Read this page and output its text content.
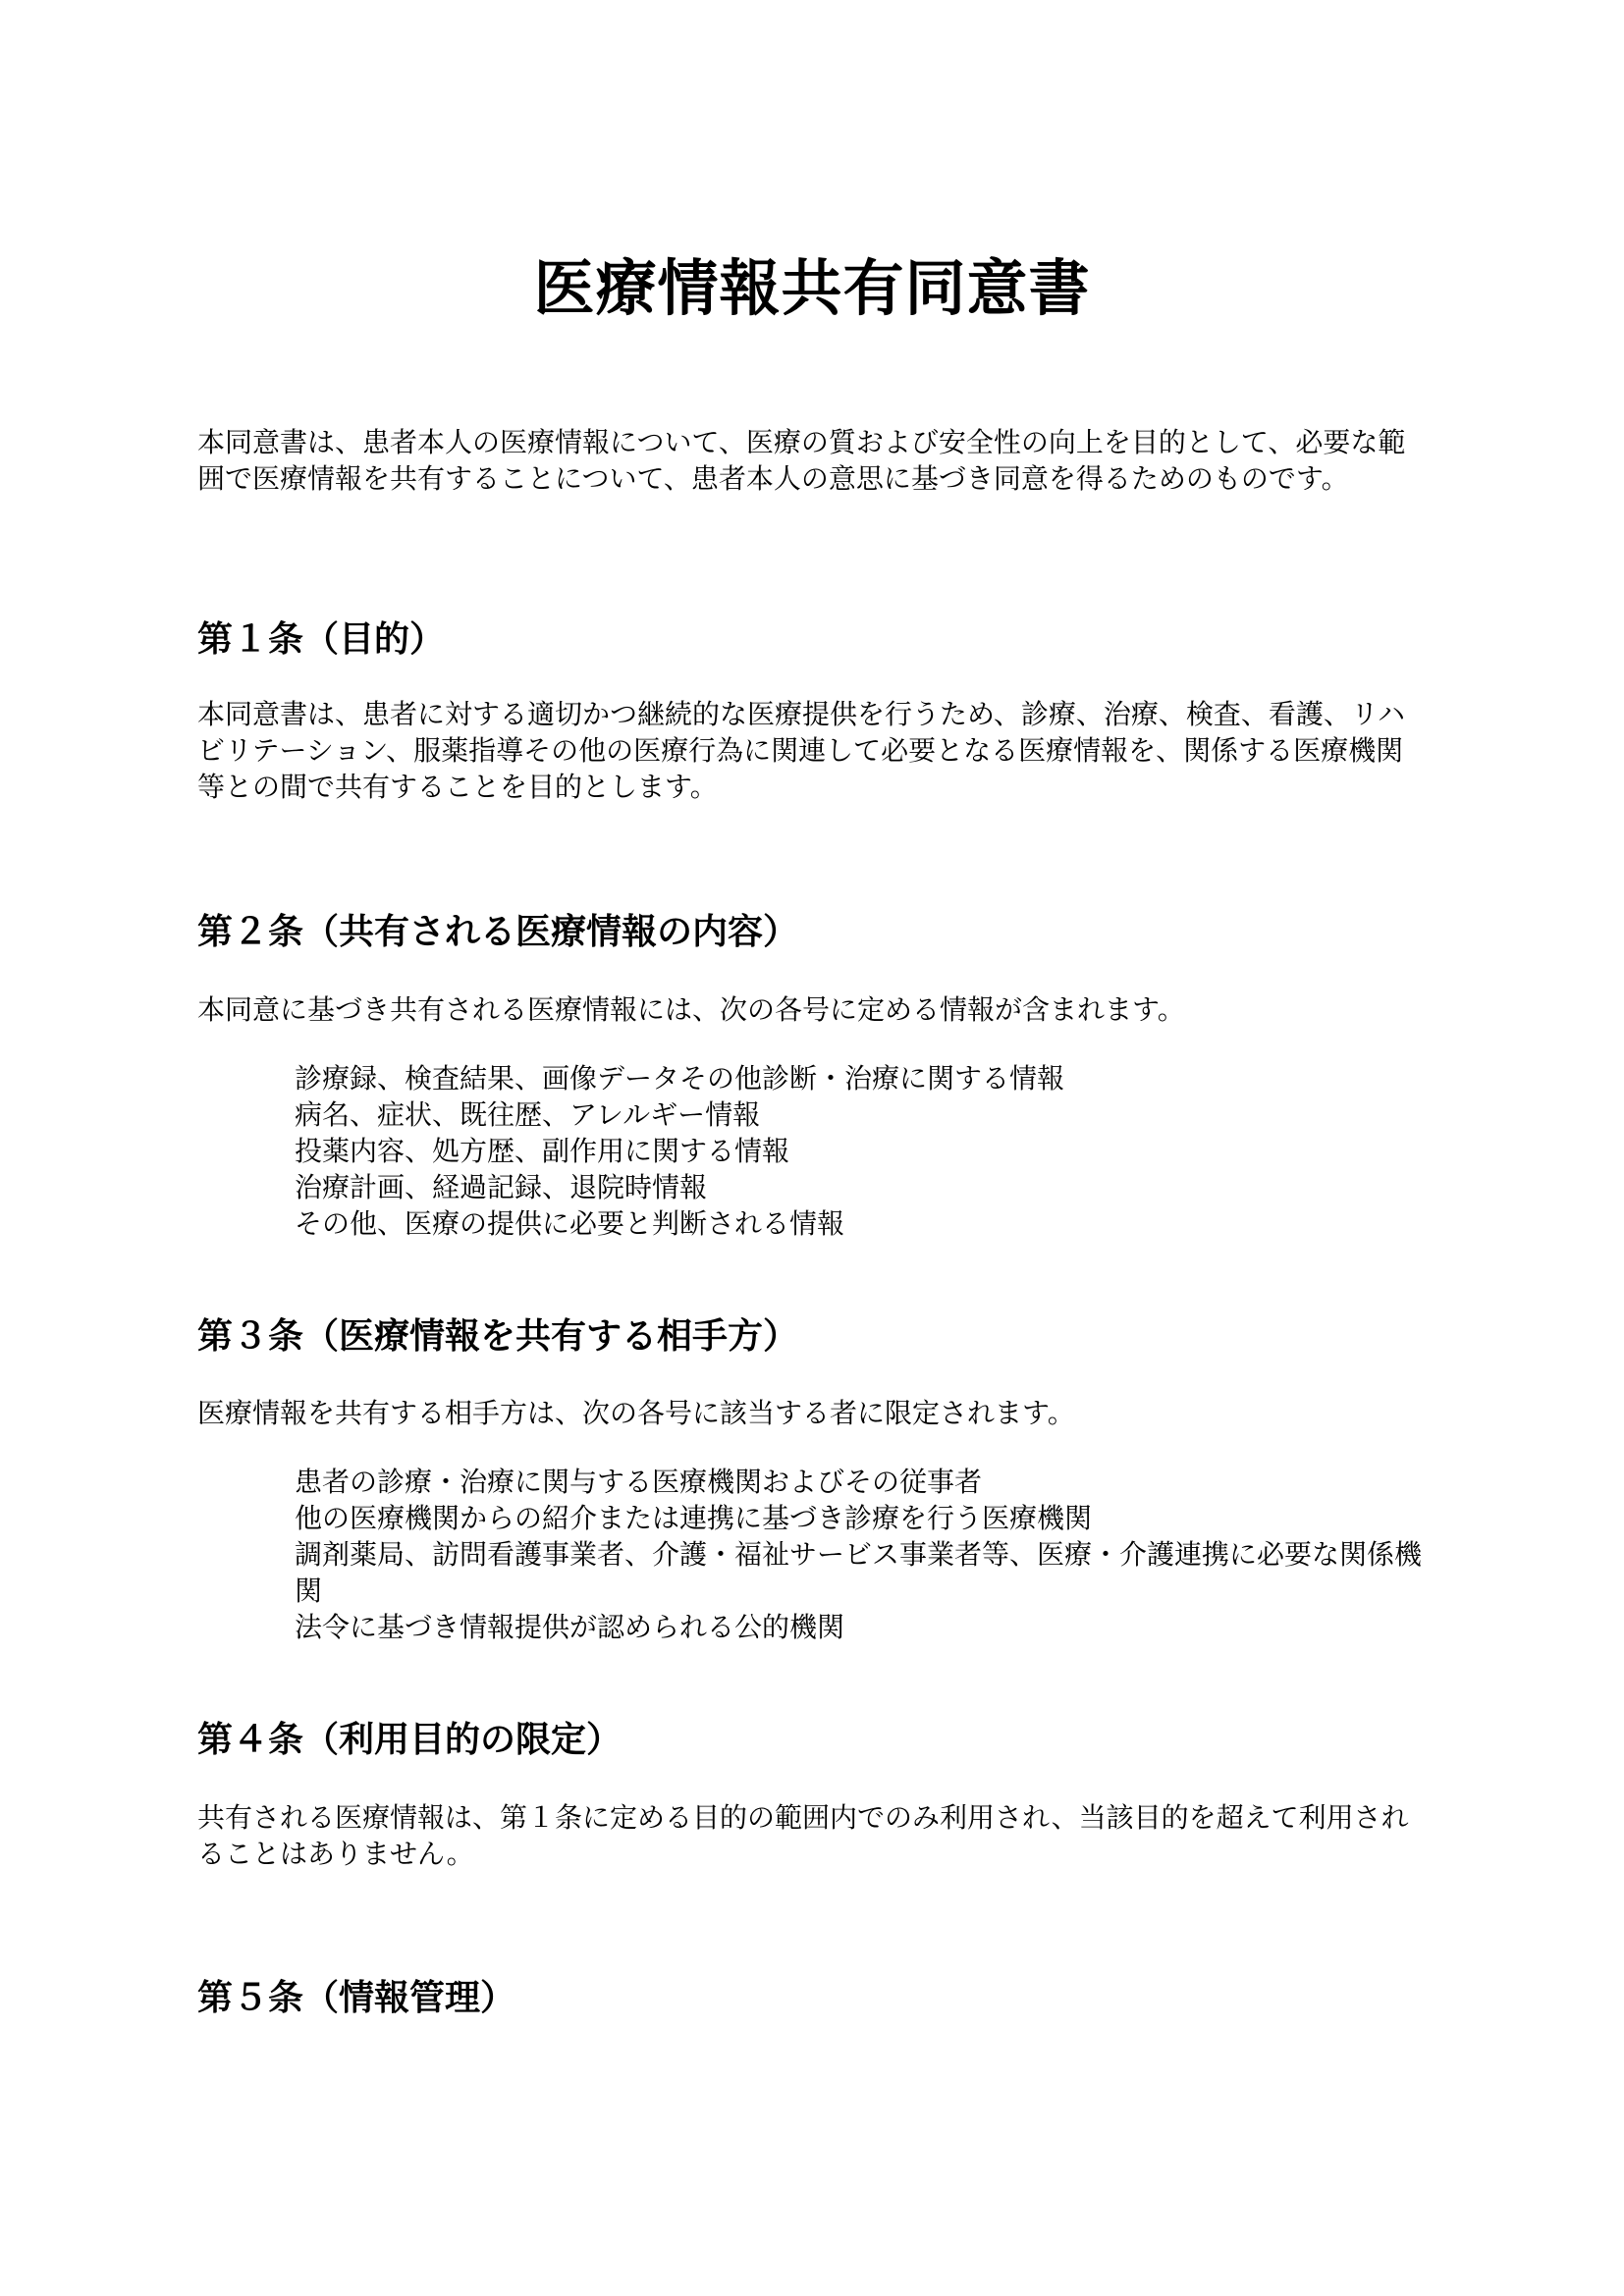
医療情報共有同意書

本同意書は、患者本人の医療情報について、医療の質および安全性の向上を目的として、必要な範囲で医療情報を共有することについて、患者本人の意思に基づき同意を得るためのものです。

第１条（目的）

本同意書は、患者に対する適切かつ継続的な医療提供を行うため、診療、治療、検査、看護、リハビリテーション、服薬指導その他の医療行為に関連して必要となる医療情報を、関係する医療機関等との間で共有することを目的とします。

第２条（共有される医療情報の内容）

本同意に基づき共有される医療情報には、次の各号に定める情報が含まれます。

診療録、検査結果、画像データその他診断・治療に関する情報
病名、症状、既往歴、アレルギー情報
投薬内容、処方歴、副作用に関する情報
治療計画、経過記録、退院時情報
その他、医療の提供に必要と判断される情報
第３条（医療情報を共有する相手方）

医療情報を共有する相手方は、次の各号に該当する者に限定されます。

患者の診療・治療に関与する医療機関およびその従事者
他の医療機関からの紹介または連携に基づき診療を行う医療機関
調剤薬局、訪問看護事業者、介護・福祉サービス事業者等、医療・介護連携に必要な関係機関
法令に基づき情報提供が認められる公的機関
第４条（利用目的の限定）

共有される医療情報は、第１条に定める目的の範囲内でのみ利用され、当該目的を超えて利用されることはありません。

第５条（情報管理）
